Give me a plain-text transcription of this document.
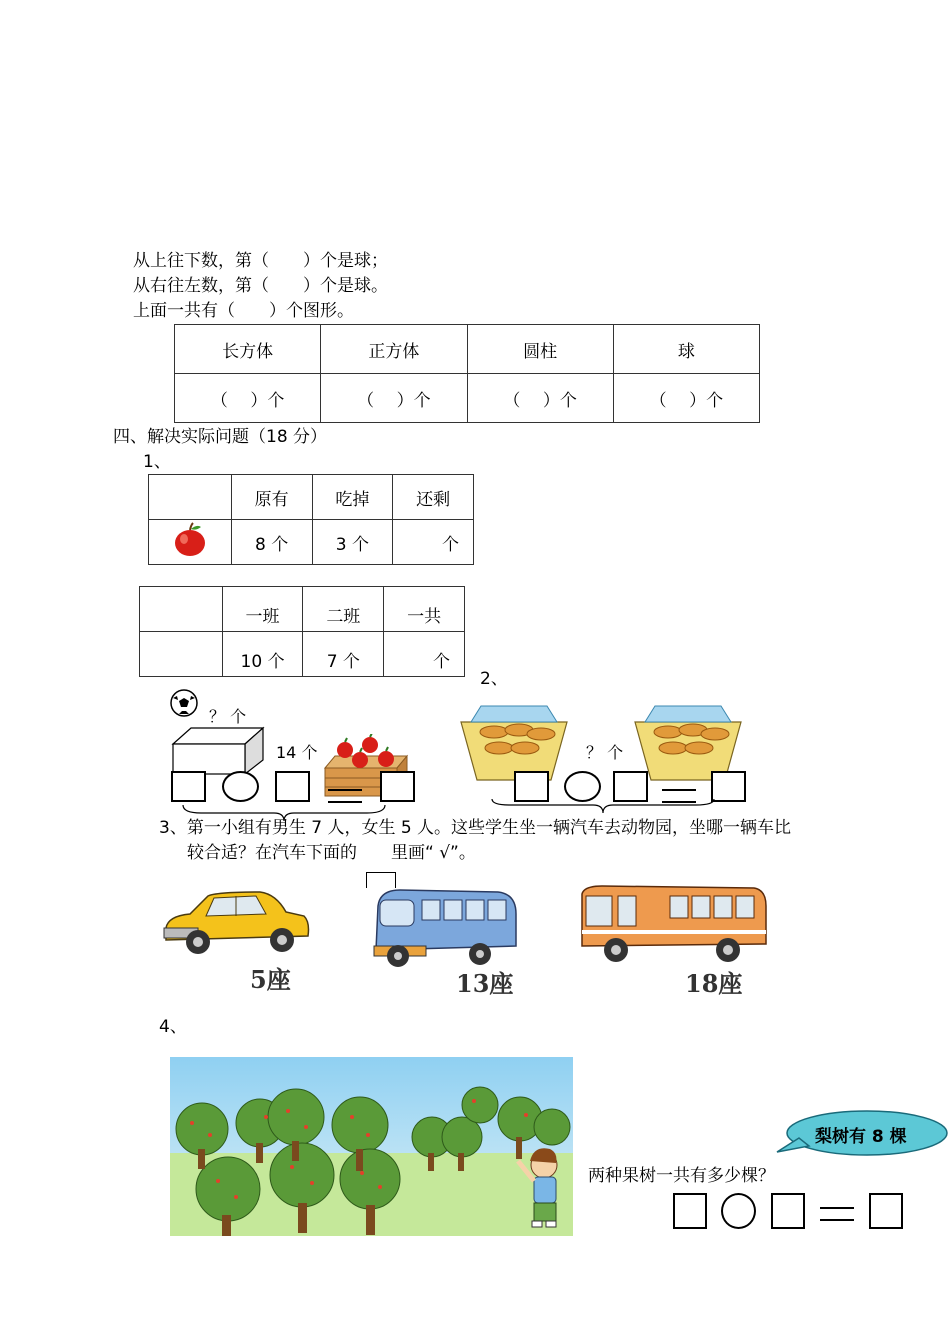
从上往下数，第（　　）个是球；
从右往左数，第（　　）个是球。
上面一共有（　　）个图形。
长方体	正方体	圆柱	球
（　 ）个	（　 ）个	（　 ）个	（　 ）个
四、解决实际问题（18 分）
1、
	原有	吃掉	还剩
	8 个	3 个	个
	一班	二班	一共
	10 个	7 个	个
2、
？ 个
14 个	？ 个
3、第一小组有男生 7 人，女生 5 人。这些学生坐一辆汽车去动物园，坐哪一辆车比
较合适？在汽车下面的　　里画“ √”。
5座	13座	18座
4、
梨树有 8 棵
两种果树一共有多少棵？
